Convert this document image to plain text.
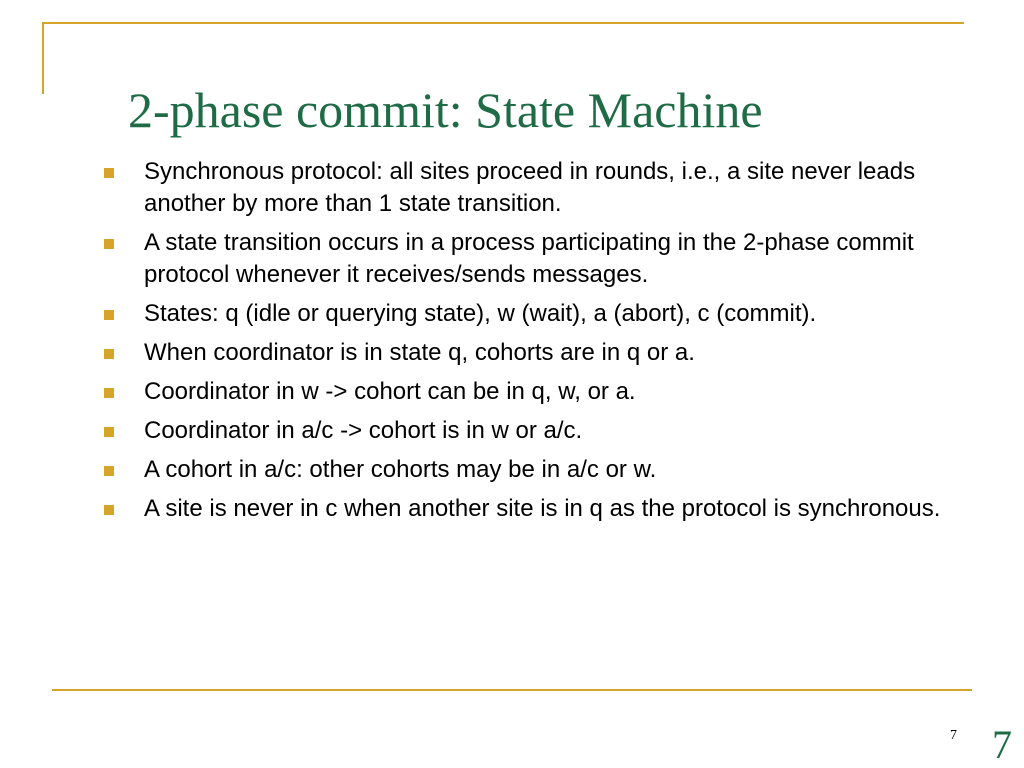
2-phase commit: State Machine
Synchronous protocol: all sites proceed in rounds, i.e., a site never leads another by more than 1 state transition.
A state transition occurs in a process participating in the 2-phase commit protocol whenever it receives/sends messages.
States: q (idle or querying state), w (wait), a (abort), c (commit).
When coordinator is in state q, cohorts are in q or a.
Coordinator in w -> cohort can be in q, w, or a.
Coordinator in a/c -> cohort is in w or a/c.
A cohort in a/c: other cohorts may be in a/c or w.
A site is never in c when another site is in q as the protocol is synchronous.
7 7
